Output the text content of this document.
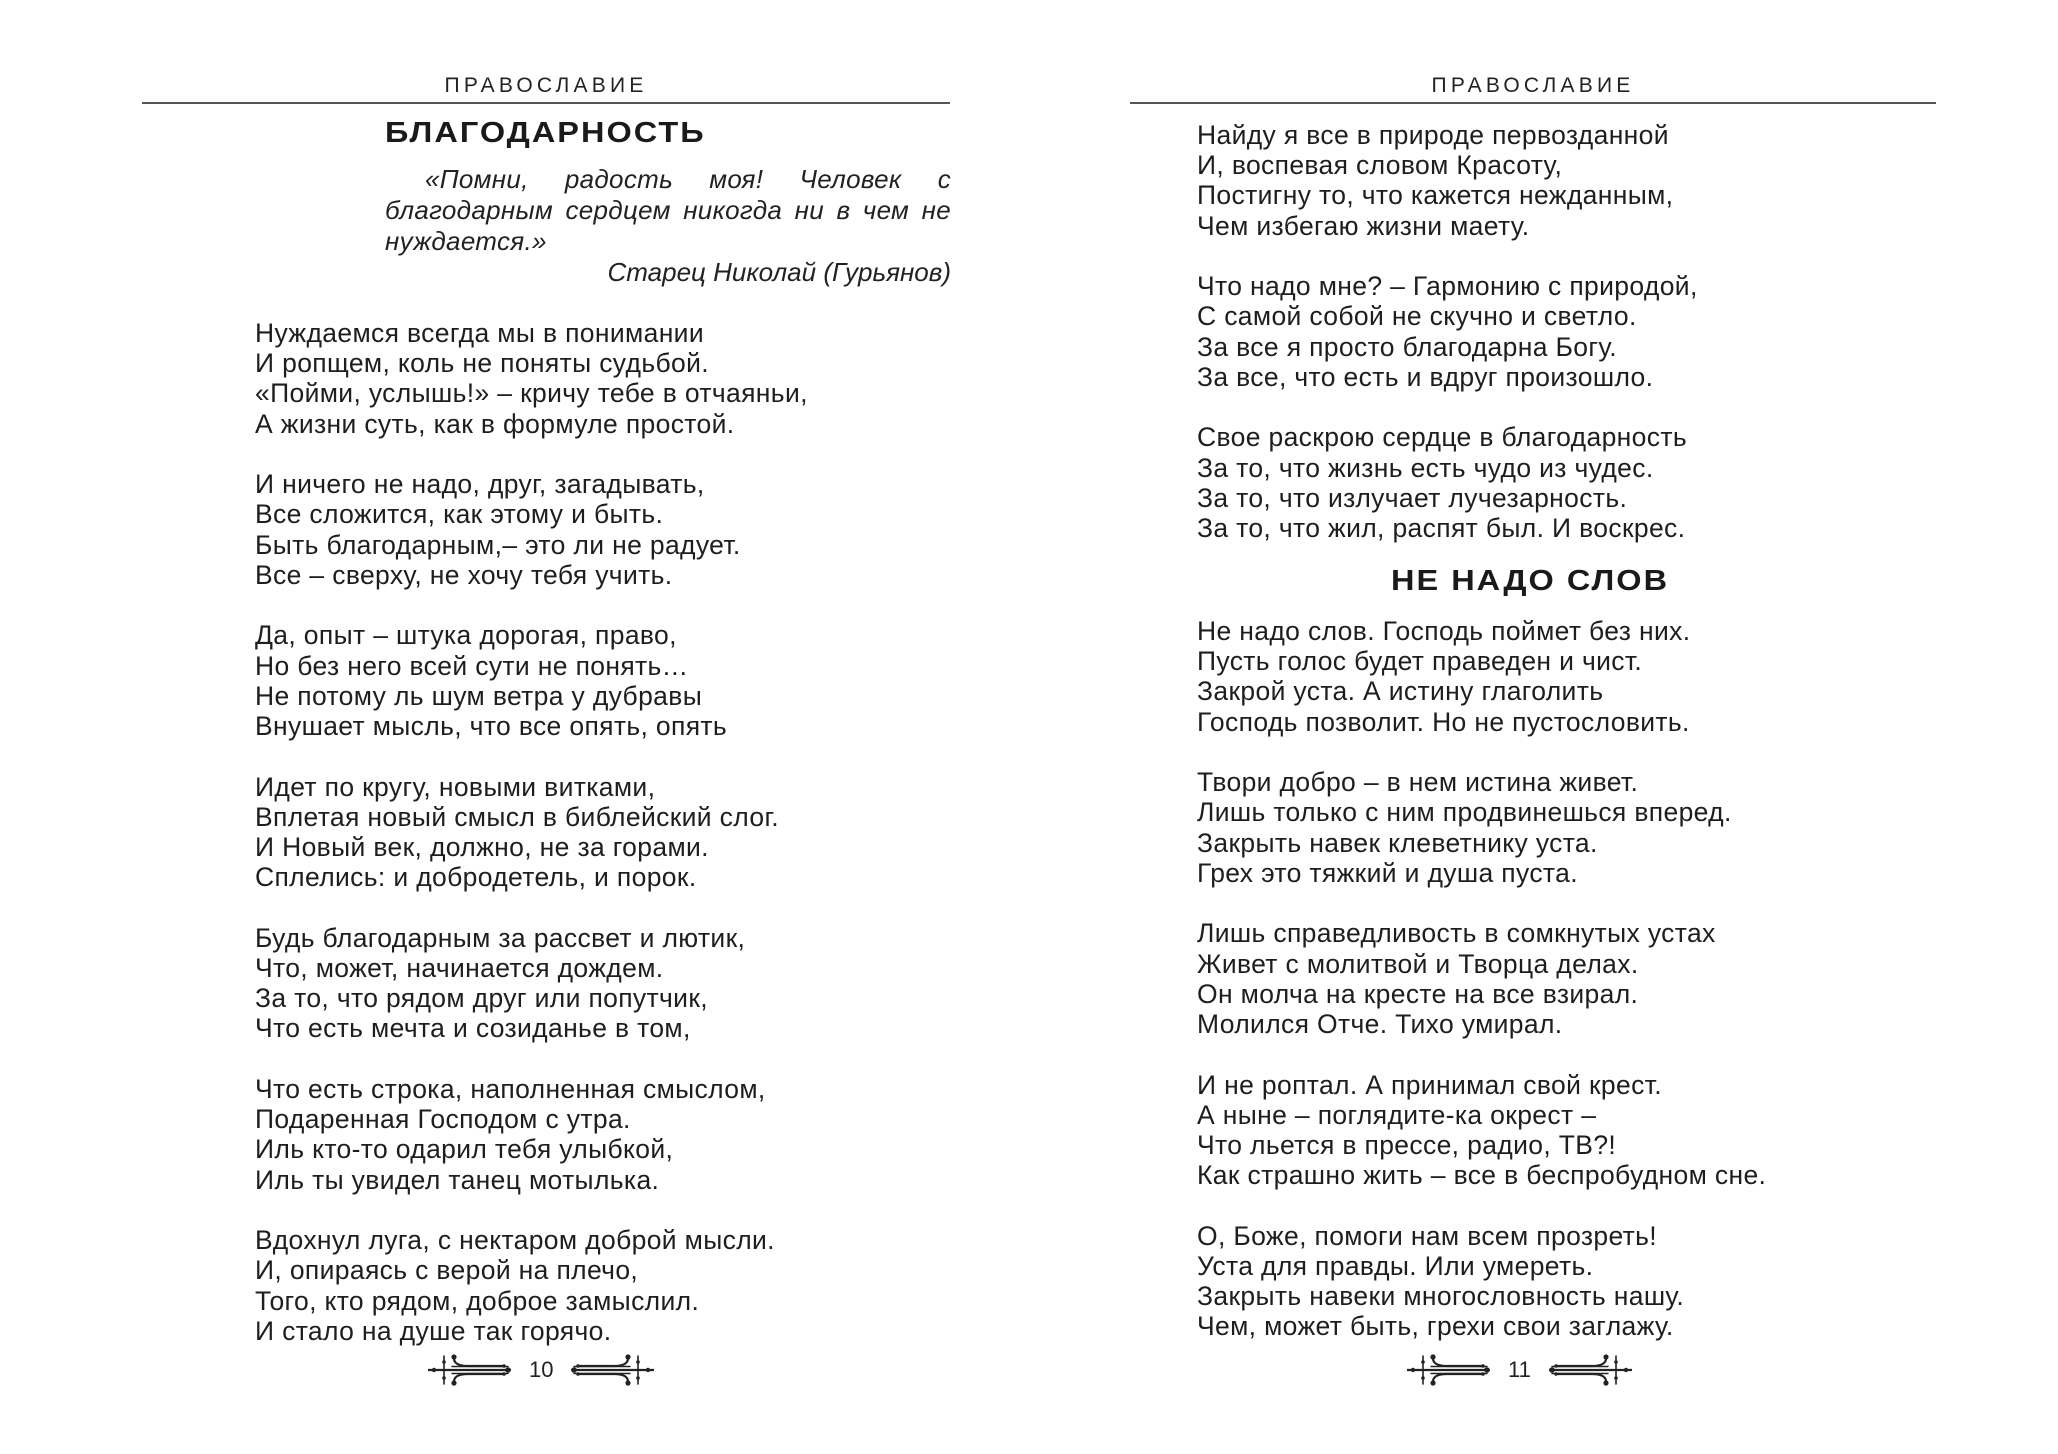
ПРАВОСЛАВИЕ
БЛАГОДАРНОСТЬ
«Помни, радость моя! Человек с благодарным сердцем никогда ни в чем не нуждается.»
Старец Николай (Гурьянов)
Нуждаемся всегда мы в понимании
И ропщем, коль не поняты судьбой.
«Пойми, услышь!» – кричу тебе в отчаяньи,
А жизни суть, как в формуле простой.
И ничего не надо, друг, загадывать,
Все сложится, как этому и быть.
Быть благодарным,– это ли не радует.
Все – сверху, не хочу тебя учить.
Да, опыт – штука дорогая, право,
Но без него всей сути не понять…
Не потому ль шум ветра у дубравы
Внушает мысль, что все опять, опять
Идет по кругу, новыми витками,
Вплетая новый смысл в библейский слог.
И Новый век, должно, не за горами.
Сплелись: и добродетель, и порок.
Будь благодарным за рассвет и лютик,
Что, может, начинается дождем.
За то, что рядом друг или попутчик,
Что есть мечта и созиданье в том,
Что есть строка, наполненная смыслом,
Подаренная Господом с утра.
Иль кто-то одарил тебя улыбкой,
Иль ты увидел танец мотылька.
Вдохнул луга, с нектаром доброй мысли.
И, опираясь с верой на плечо,
Того, кто рядом, доброе замыслил.
И стало на душе так горячо.
10
ПРАВОСЛАВИЕ
Найду я все в природе первозданной
И, воспевая словом Красоту,
Постигну то, что кажется нежданным,
Чем избегаю жизни маету.
Что надо мне? – Гармонию с природой,
С самой собой не скучно и светло.
За все я просто благодарна Богу.
За все, что есть и вдруг произошло.
Свое раскрою сердце в благодарность
За то, что жизнь есть чудо из чудес.
За то, что излучает лучезарность.
За то, что жил, распят был. И воскрес.
НЕ НАДО СЛОВ
Не надо слов. Господь поймет без них.
Пусть голос будет праведен и чист.
Закрой уста. А истину глаголить
Господь позволит. Но не пустословить.
Твори добро – в нем истина живет.
Лишь только с ним продвинешься вперед.
Закрыть навек клеветнику уста.
Грех это тяжкий и душа пуста.
Лишь справедливость в сомкнутых устах
Живет с молитвой и Творца делах.
Он молча на кресте на все взирал.
Молился Отче. Тихо умирал.
И не роптал. А принимал свой крест.
А ныне – поглядите-ка окрест –
Что льется в прессе, радио, ТВ?!
Как страшно жить – все в беспробудном сне.
О, Боже, помоги нам всем прозреть!
Уста для правды. Или умереть.
Закрыть навеки многословность нашу.
Чем, может быть, грехи свои заглажу.
11
